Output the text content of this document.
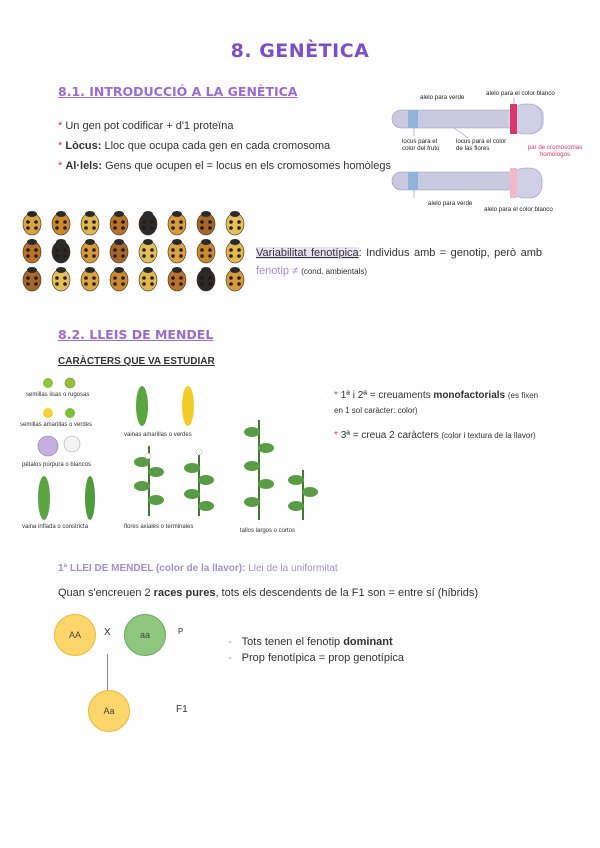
8. GENÈTICA
8.1. INTRODUCCIÓ A LA GENÈTICA
* Un gen pot codificar + d'1 proteïna
* Lòcus: Lloc que ocupa cada gen en cada cromosoma
* Al·lels: Gens que ocupen el = locus en els cromosomes homòlegs
alelo para verde
alelo para el color blanco
locus para el color del fruto
locus para el color de las flores	par de cromosomas homólogos
alelo para verde
alelo para el color blanco
Variabilitat fenotípica: Individus amb = genotip, però amb fenotip ≠ (cond. ambientals)
8.2. LLEIS DE MENDEL
CARÀCTERS QUE VA ESTUDIAR
semillas lisas o rugosas
semillas amarillas o verdes
vainas amarillas o verdes
pétalos púrpura o blancos
vaina inflada o constricta	flores axiales o terminales
tallos largos o cortos
* 1ª i 2ª = creuaments monofactorials (es fixen en 1 sol caràcter: color)
* 3ª = creua 2 caràcters (color i textura de la llavor)
1ª LLEI DE MENDEL (color de la llavor): Llei de la uniformitat
Quan s'encreuen 2 races pures, tots els descendents de la F1 son = entre sí (híbrids)
AA	X	aa	P
Aa	F1
- Tots tenen el fenotip dominant
- Prop fenotípica = prop genotípica
